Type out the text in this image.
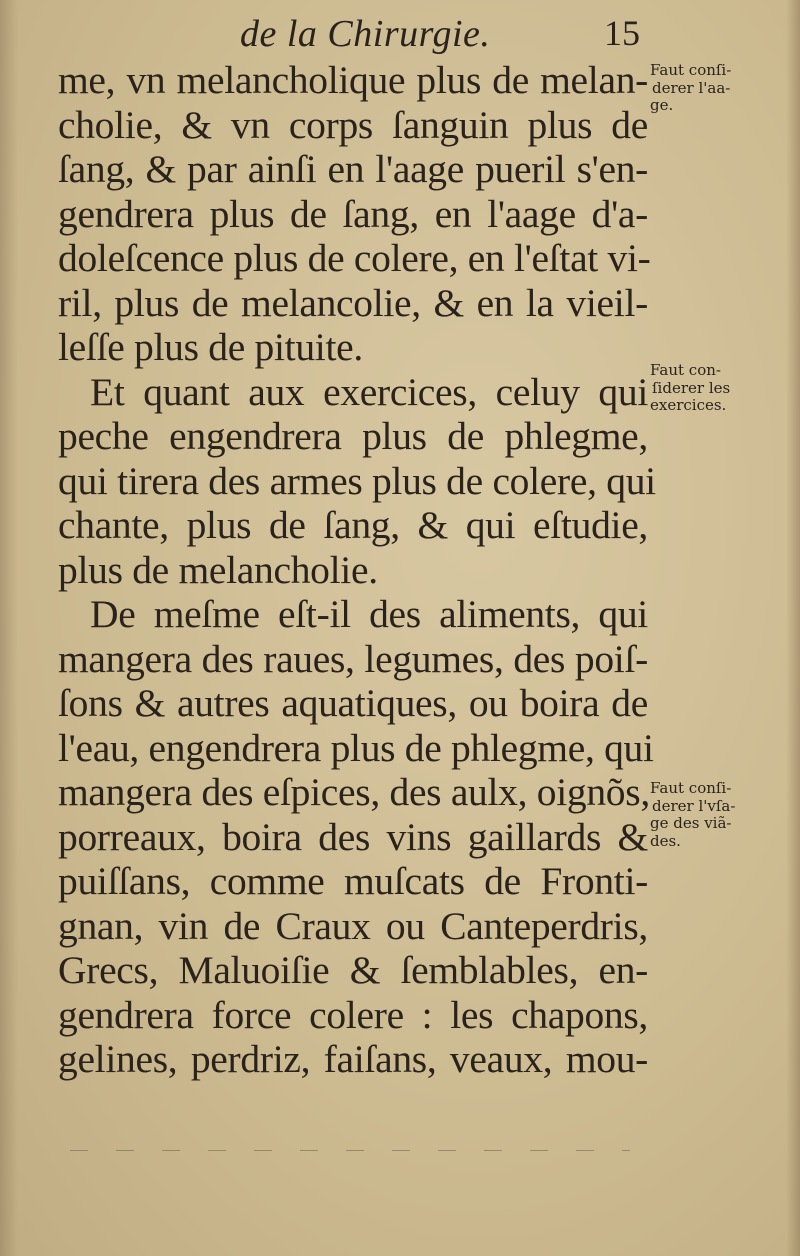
de la Chirurgie.	15
me, vn melancholique plus de melan-
cholie, & vn corps ſanguin plus de
ſang, & par ainſi en l'aage pueril s'en-
gendrera plus de ſang, en l'aage d'a-
doleſcence plus de colere, en l'eſtat vi-
ril, plus de melancolie, & en la vieil-
leſſe plus de pituite.
Et quant aux exercices, celuy qui
peche engendrera plus de phlegme,
qui tirera des armes plus de colere, qui
chante, plus de ſang, & qui eſtudie,
plus de melancholie.
De meſme eſt-il des aliments, qui
mangera des raues, legumes, des poiſ-
ſons & autres aquatiques, ou boira de
l'eau, engendrera plus de phlegme, qui
mangera des eſpices, des aulx, oignõs,
porreaux, boira des vins gaillards &
puiſſans, comme muſcats de Fronti-
gnan, vin de Craux ou Canteperdris,
Grecs, Maluoiſie & ſemblables, en-
gendrera force colere : les chapons,
gelines, perdriz, faiſans, veaux, mou-
Faut conſi-
derer l'aa-
ge.
Faut con-
ſiderer les
exercices.
Faut conſi-
derer l'vſa-
ge des viã-
des.
